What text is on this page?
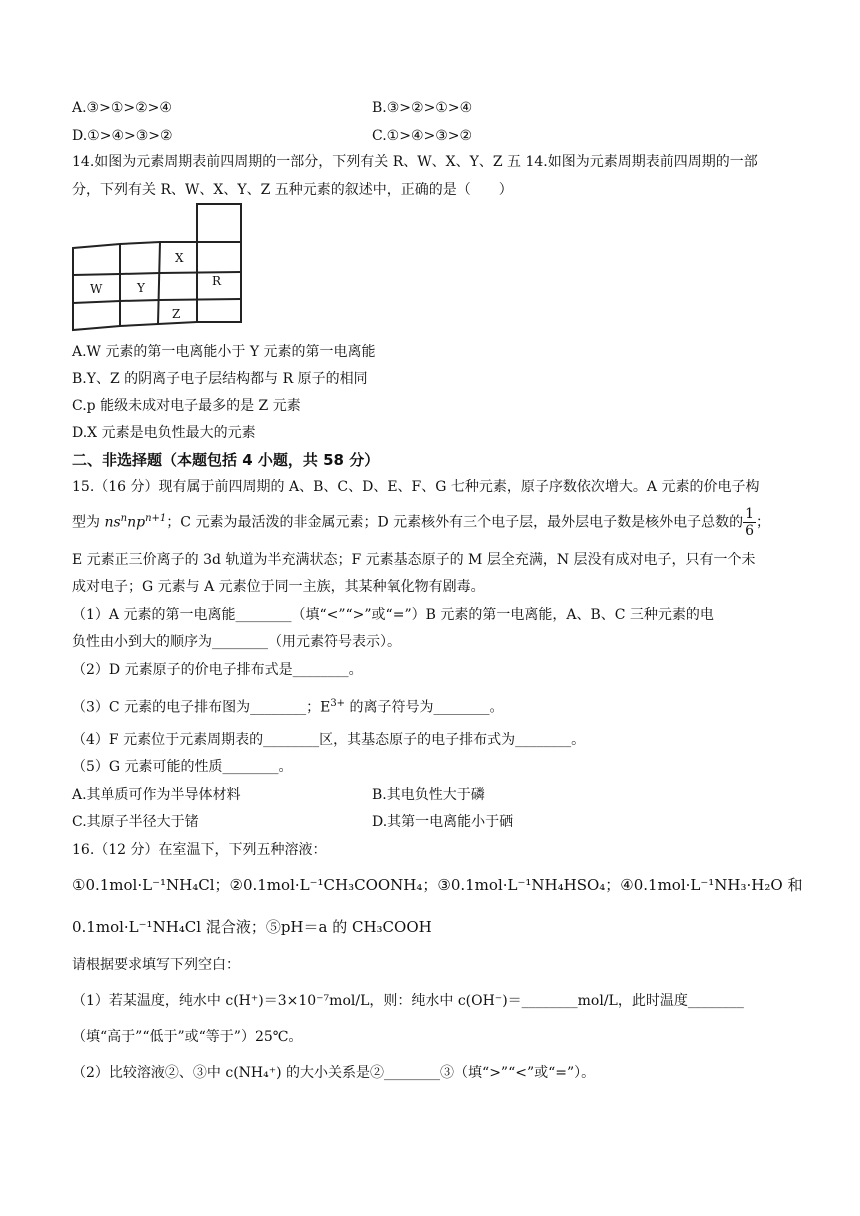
A.③>①>②>④	B.③>②>①>④
D.①>④>③>②	C.①>④>③>②
14.如图为元素周期表前四周期的一部分，下列有关 R、W、X、Y、Z 五 14.如图为元素周期表前四周期的一部
分，下列有关 R、W、X、Y、Z 五种元素的叙述中，正确的是（　　）
X
W	Y	R
Z
A.W 元素的第一电离能小于 Y 元素的第一电离能
B.Y、Z 的阴离子电子层结构都与 R 原子的相同
C.p 能级未成对电子最多的是 Z 元素
D.X 元素是电负性最大的元素
二、非选择题（本题包括 4 小题，共 58 分）
15.（16 分）现有属于前四周期的 A、B、C、D、E、F、G 七种元素，原子序数依次增大。A 元素的价电子构
型为 $ns^nnp^{n+1}$；C 元素为最活泼的非金属元素；D 元素核外有三个电子层，最外层电子数是核外电子总数的 $\frac{1}{6}$ ；
E 元素正三价离子的 3d 轨道为半充满状态；F 元素基态原子的 M 层全充满，N 层没有成对电子，只有一个未
成对电子；G 元素与 A 元素位于同一主族，其某种氧化物有剧毒。
（1）A 元素的第一电离能________（填“<”“>”或“=”）B 元素的第一电离能，A、B、C 三种元素的电
负性由小到大的顺序为________（用元素符号表示）。
（2）D 元素原子的价电子排布式是________。
（3）C 元素的电子排布图为________；$E^{3+}$ 的离子符号为________。
（4）F 元素位于元素周期表的________区，其基态原子的电子排布式为________。
（5）G 元素可能的性质________。
A.其单质可作为半导体材料	B.其电负性大于磷
C.其原子半径大于锗	D.其第一电离能小于硒
16.（12 分）在室温下，下列五种溶液：
①0.1mol·L⁻¹NH₄Cl；②0.1mol·L⁻¹CH₃COONH₄；③0.1mol·L⁻¹NH₄HSO₄；④0.1mol·L⁻¹NH₃·H₂O 和
0.1mol·L⁻¹NH₄Cl 混合液；⑤pH＝a 的 CH₃COOH
请根据要求填写下列空白：
（1）若某温度，纯水中 c(H⁺)＝3×10⁻⁷mol/L，则：纯水中 c(OH⁻)＝________mol/L，此时温度________
（填“高于”“低于”或“等于”）25℃。
（2）比较溶液②、③中 c(NH₄⁺) 的大小关系是②________③（填“>”“<”或“=”）。
